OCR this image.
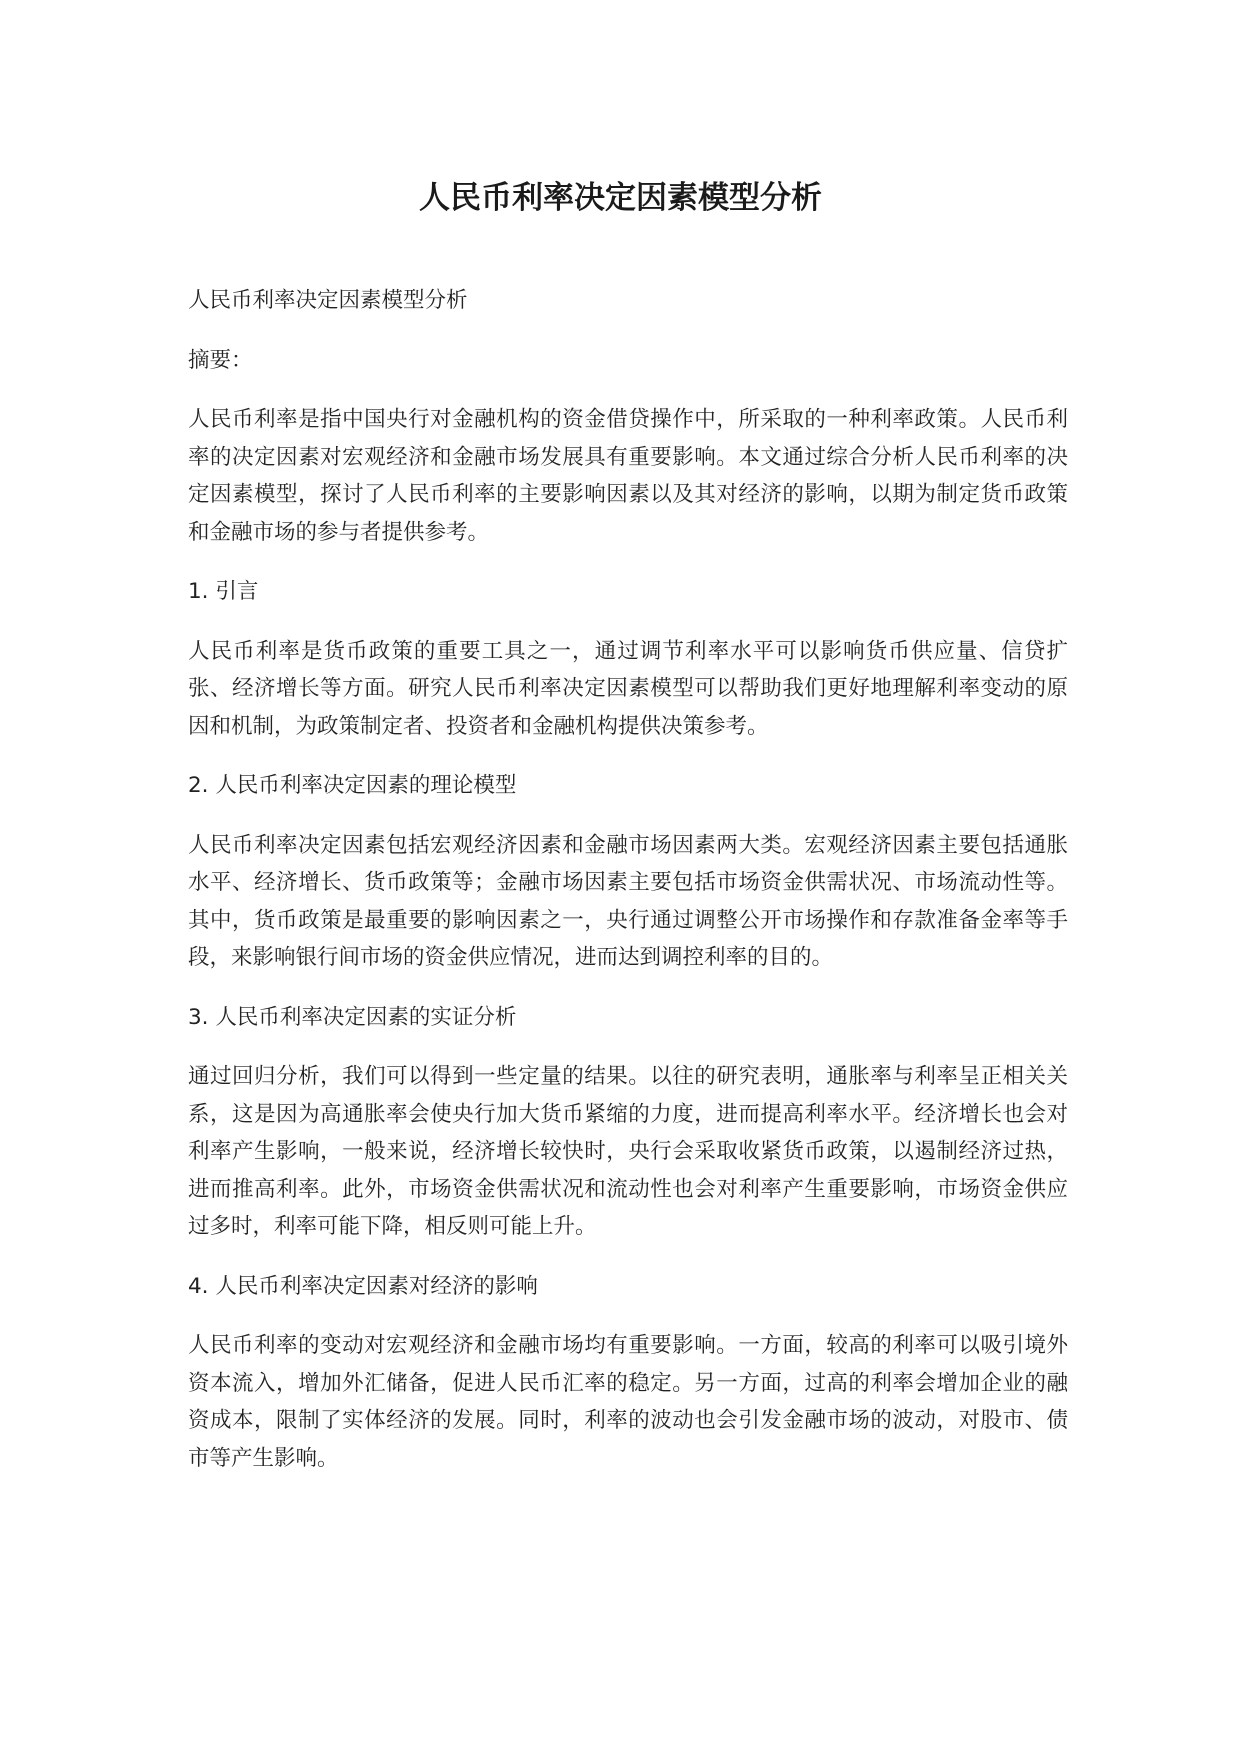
人民币利率决定因素模型分析

人民币利率决定因素模型分析

摘要：

人民币利率是指中国央行对金融机构的资金借贷操作中，所采取的一种利率政策。人民币利率的决定因素对宏观经济和金融市场发展具有重要影响。本文通过综合分析人民币利率的决定因素模型，探讨了人民币利率的主要影响因素以及其对经济的影响，以期为制定货币政策和金融市场的参与者提供参考。

1. 引言

人民币利率是货币政策的重要工具之一，通过调节利率水平可以影响货币供应量、信贷扩张、经济增长等方面。研究人民币利率决定因素模型可以帮助我们更好地理解利率变动的原因和机制，为政策制定者、投资者和金融机构提供决策参考。

2. 人民币利率决定因素的理论模型

人民币利率决定因素包括宏观经济因素和金融市场因素两大类。宏观经济因素主要包括通胀水平、经济增长、货币政策等；金融市场因素主要包括市场资金供需状况、市场流动性等。其中，货币政策是最重要的影响因素之一，央行通过调整公开市场操作和存款准备金率等手段，来影响银行间市场的资金供应情况，进而达到调控利率的目的。

3. 人民币利率决定因素的实证分析

通过回归分析，我们可以得到一些定量的结果。以往的研究表明，通胀率与利率呈正相关关系，这是因为高通胀率会使央行加大货币紧缩的力度，进而提高利率水平。经济增长也会对利率产生影响，一般来说，经济增长较快时，央行会采取收紧货币政策，以遏制经济过热，进而推高利率。此外，市场资金供需状况和流动性也会对利率产生重要影响，市场资金供应过多时，利率可能下降，相反则可能上升。

4. 人民币利率决定因素对经济的影响

人民币利率的变动对宏观经济和金融市场均有重要影响。一方面，较高的利率可以吸引境外资本流入，增加外汇储备，促进人民币汇率的稳定。另一方面，过高的利率会增加企业的融资成本，限制了实体经济的发展。同时，利率的波动也会引发金融市场的波动，对股市、债市等产生影响。
